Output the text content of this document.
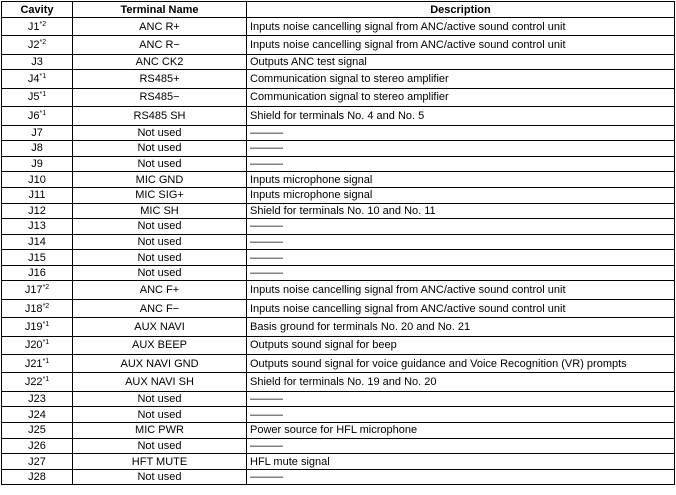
Cavity	Terminal Name	Description
J1$^{*2}$	ANC R+	Inputs noise cancelling signal from ANC/active sound control unit
J2$^{*2}$	ANC R−	Inputs noise cancelling signal from ANC/active sound control unit
J3	ANC CK2	Outputs ANC test signal
J4$^{*1}$	RS485+	Communication signal to stereo amplifier
J5$^{*1}$	RS485−	Communication signal to stereo amplifier
J6$^{*1}$	RS485 SH	Shield for terminals No. 4 and No. 5
J7	Not used	———
J8	Not used	———
J9	Not used	———
J10	MIC GND	Inputs microphone signal
J11	MIC SIG+	Inputs microphone signal
J12	MIC SH	Shield for terminals No. 10 and No. 11
J13	Not used	———
J14	Not used	———
J15	Not used	———
J16	Not used	———
J17$^{*2}$	ANC F+	Inputs noise cancelling signal from ANC/active sound control unit
J18$^{*2}$	ANC F−	Inputs noise cancelling signal from ANC/active sound control unit
J19$^{*1}$	AUX NAVI	Basis ground for terminals No. 20 and No. 21
J20$^{*1}$	AUX BEEP	Outputs sound signal for beep
J21$^{*1}$	AUX NAVI GND	Outputs sound signal for voice guidance and Voice Recognition (VR) prompts
J22$^{*1}$	AUX NAVI SH	Shield for terminals No. 19 and No. 20
J23	Not used	———
J24	Not used	———
J25	MIC PWR	Power source for HFL microphone
J26	Not used	———
J27	HFT MUTE	HFL mute signal
J28	Not used	———
